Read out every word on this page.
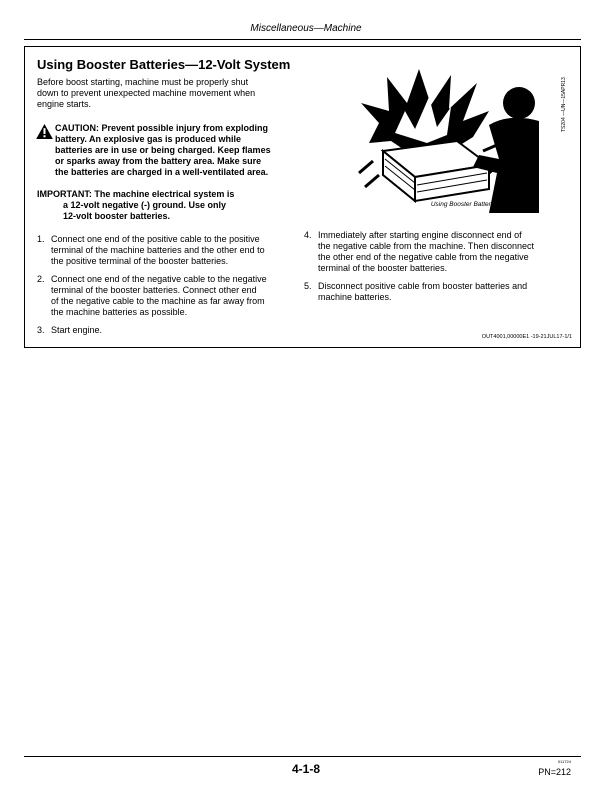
Miscellaneous—Machine
Using Booster Batteries—12-Volt System
Before boost starting, machine must be properly shut
down to prevent unexpected machine movement when
engine starts.
CAUTION: Prevent possible injury from exploding
battery. An explosive gas is produced while
batteries are in use or being charged. Keep flames
or sparks away from the battery area. Make sure
the batteries are charged in a well-ventilated area.
IMPORTANT: The machine electrical system is
a 12-volt negative (-) ground. Use only
12-volt booster batteries.
1. Connect one end of the positive cable to the positive
terminal of the machine batteries and the other end to
the positive terminal of the booster batteries.
2. Connect one end of the negative cable to the negative
terminal of the booster batteries. Connect other end
of the negative cable to the machine as far away from
the machine batteries as possible.
3. Start engine.
4. Immediately after starting engine disconnect end of
the negative cable from the machine. Then disconnect
the other end of the negative cable from the negative
terminal of the booster batteries.
5. Disconnect positive cable from booster batteries and
machine batteries.
Using Booster Batteries
TS204 —UN—15APR13
OUT4001,00000E1 -19-21JUL17-1/1
4-1-8
011724
PN=212
